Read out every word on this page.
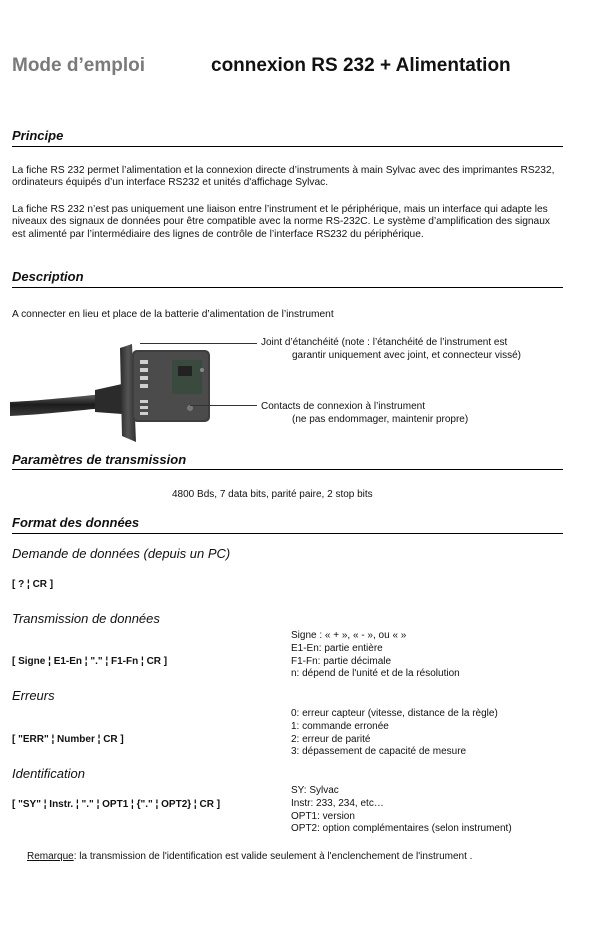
Mode d’emploi	connexion RS 232 + Alimentation
Principe

La fiche RS 232 permet l’alimentation et la connexion directe d’instruments à main Sylvac avec des imprimantes RS232, ordinateurs équipés d’un interface RS232 et unités d'affichage Sylvac.

La fiche RS 232 n’est pas uniquement une liaison entre l’instrument et le périphérique, mais un interface qui adapte les niveaux des signaux de données pour être compatible avec la norme RS-232C. Le système d’amplification des signaux est alimenté par l’intermédiaire des lignes de contrôle de l’interface RS232 du périphérique.

Description
A connecter en lieu et place de la batterie d’alimentation de l’instrument
Joint d’étanchéité (note : l’étanchéité de l’instrument est
garantir uniquement avec joint, et connecteur vissé)
Contacts de connexion à l’instrument
(ne pas endommager, maintenir propre)
Paramètres de transmission
4800 Bds, 7 data bits, parité paire, 2 stop bits
Format des données
Demande de données (depuis un PC)
[ ? ¦ CR ]
Transmission de données
Signe : « + », « - », ou « »
E1-En: partie entière
F1-Fn: partie décimale
n: dépend de l'unité et de la résolution
[ Signe ¦ E1-En ¦ "." ¦ F1-Fn ¦ CR ]
Erreurs
0: erreur capteur (vitesse, distance de la règle)
1: commande erronée
2: erreur de parité
3: dépassement de capacité de mesure
[ "ERR" ¦ Number ¦ CR ]
Identification
SY: Sylvac
Instr: 233, 234, etc…
OPT1: version
OPT2: option complémentaires (selon instrument)
[ "SY" ¦ Instr. ¦ "." ¦ OPT1 ¦ {"." ¦ OPT2} ¦ CR ]
Remarque: la transmission de l'identification est valide seulement à l'enclenchement de l'instrument .
